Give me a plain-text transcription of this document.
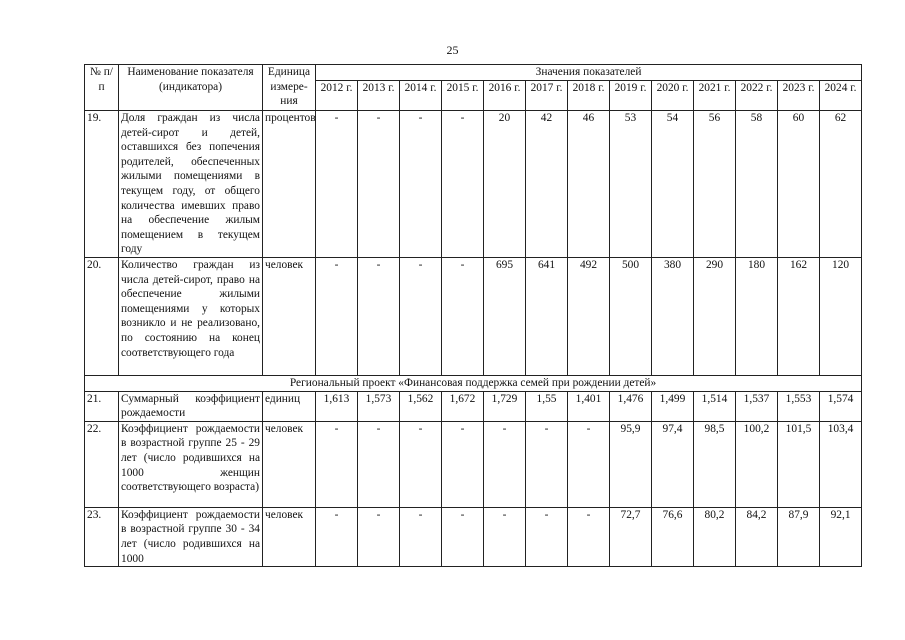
25
№ п/п	Наименование показателя (индикатора)	Единица измере-ния	Значения показателей												
			2012 г.	2013 г.	2014 г.	2015 г.	2016 г.	2017 г.	2018 г.	2019 г.	2020 г.	2021 г.	2022 г.	2023 г.	2024 г.
19.	Доля граждан из числа детей-сирот и детей, оставшихся без попечения родителей, обеспеченных жилыми помещениями в текущем году, от общего количества имевших право на обеспечение жилым помещением в текущем году	процентов	-	-	-	-	20	42	46	53	54	56	58	60	62
20.	Количество граждан из числа детей-сирот, право на обеспечение жилыми помещениями у которых возникло и не реализовано, по состоянию на конец соответствующего года	человек	-	-	-	-	695	641	492	500	380	290	180	162	120
Региональный проект «Финансовая поддержка семей при рождении детей»															
21.	Суммарный коэффициент рождаемости	единиц	1,613	1,573	1,562	1,672	1,729	1,55	1,401	1,476	1,499	1,514	1,537	1,553	1,574
22.	Коэффициент рождаемости в возрастной группе 25 - 29 лет (число родившихся на 1000 женщин соответствующего возраста)	человек	-	-	-	-	-	-	-	95,9	97,4	98,5	100,2	101,5	103,4
23.	Коэффициент рождаемости в возрастной группе 30 - 34 лет (число родившихся на 1000	человек	-	-	-	-	-	-	-	72,7	76,6	80,2	84,2	87,9	92,1
